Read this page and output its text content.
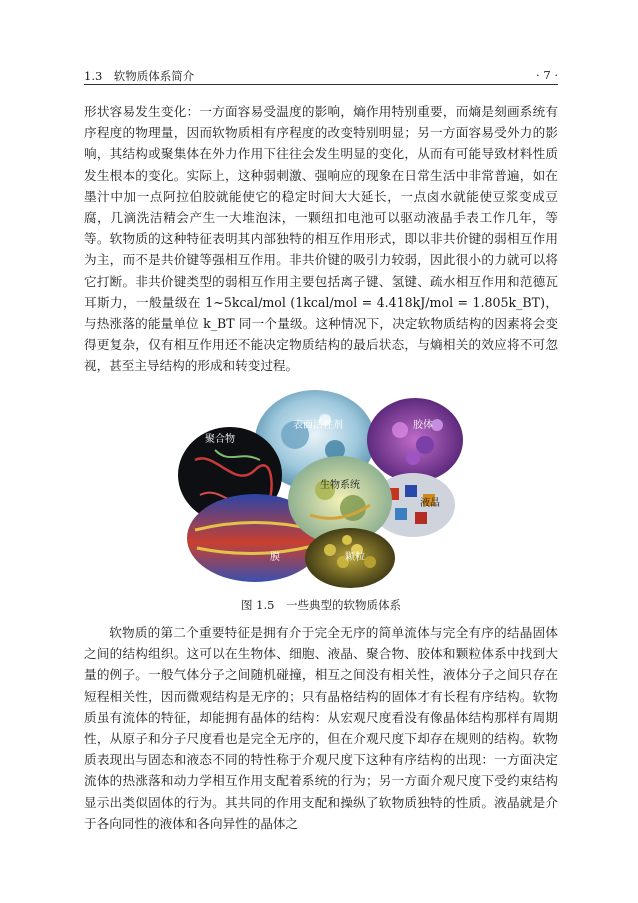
1.3　软物质体系简介	· 7 ·

形状容易发生变化：一方面容易受温度的影响，熵作用特别重要，而熵是刻画系统有序程度的物理量，因而软物质相有序程度的改变特别明显；另一方面容易受外力的影响，其结构或聚集体在外力作用下往往会发生明显的变化，从而有可能导致材料性质发生根本的变化。实际上，这种弱刺激、强响应的现象在日常生活中非常普遍，如在墨汁中加一点阿拉伯胶就能使它的稳定时间大大延长，一点卤水就能使豆浆变成豆腐，几滴洗洁精会产生一大堆泡沫，一颗纽扣电池可以驱动液晶手表工作几年，等等。软物质的这种特征表明其内部独特的相互作用形式，即以非共价键的弱相互作用为主，而不是共价键等强相互作用。非共价键的吸引力较弱，因此很小的力就可以将它打断。非共价键类型的弱相互作用主要包括离子键、氢键、疏水相互作用和范德瓦耳斯力，一般量级在 1~5kcal/mol (1kcal/mol = 4.418kJ/mol = 1.805k_BT)，与热涨落的能量单位 k_BT 同一个量级。这种情况下，决定软物质结构的因素将会变得更复杂，仅有相互作用还不能决定物质结构的最后状态，与熵相关的效应将不可忽视，甚至主导结构的形成和转变过程。

表面活性剂	胶体
聚合物
液晶
膜
生物系统
颗粒
图 1.5　一些典型的软物质体系

软物质的第二个重要特征是拥有介于完全无序的简单流体与完全有序的结晶固体之间的结构组织。这可以在生物体、细胞、液晶、聚合物、胶体和颗粒体系中找到大量的例子。一般气体分子之间随机碰撞，相互之间没有相关性，液体分子之间只存在短程相关性，因而微观结构是无序的；只有晶格结构的固体才有长程有序结构。软物质虽有流体的特征，却能拥有晶体的结构：从宏观尺度看没有像晶体结构那样有周期性，从原子和分子尺度看也是完全无序的，但在介观尺度下却存在规则的结构。软物质表现出与固态和液态不同的特性称于介观尺度下这种有序结构的出现：一方面决定流体的热涨落和动力学相互作用支配着系统的行为；另一方面介观尺度下受约束结构显示出类似固体的行为。其共同的作用支配和操纵了软物质独特的性质。液晶就是介于各向同性的液体和各向异性的晶体之
